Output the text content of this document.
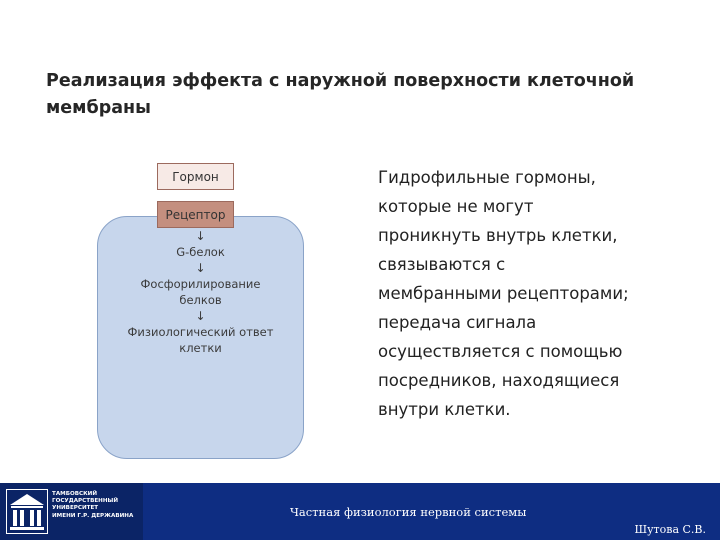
Реализация эффекта с наружной поверхности клеточной
мембраны
Гормон
Рецептор
↓
G-белок
↓
Фосфорилирование
белков
↓
Физиологический ответ
клетки
Гидрофильные гормоны,
которые не могут
проникнуть внутрь клетки,
связываются с
мембранными рецепторами;
передача сигнала
осуществляется с помощью
посредников, находящиеся
внутри клетки.
ТАМБОВСКИЙ
ГОСУДАРСТВЕННЫЙ
УНИВЕРСИТЕТ
ИМЕНИ Г.Р. ДЕРЖАВИНА	Частная физиология нервной системы
Шутова С.В.
